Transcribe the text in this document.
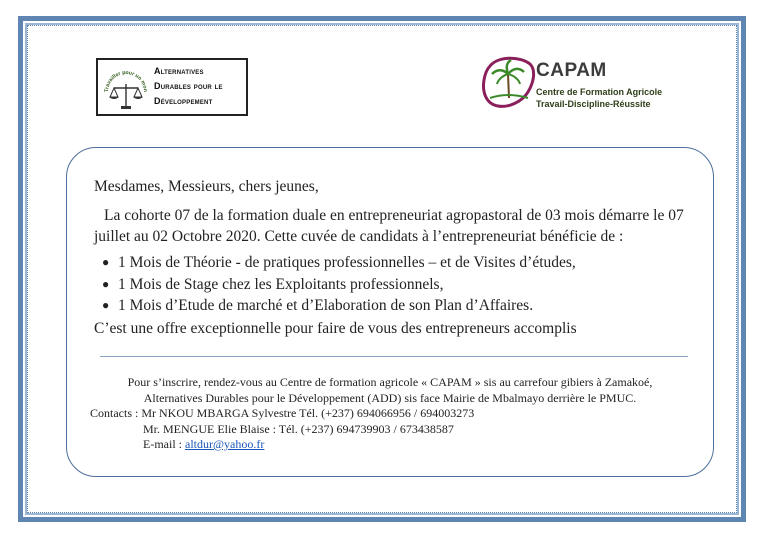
Travailler pour un mon
Alternatives
Durables pour le
Développement
CAPAM
Centre de Formation Agricole
Travail-Discipline-Réussite
Mesdames, Messieurs, chers jeunes,
La cohorte 07 de la formation duale en entrepreneuriat agropastoral de 03 mois démarre le 07 juillet au 02 Octobre 2020. Cette cuvée de candidats à l’entrepreneuriat bénéficie de :
● 1 Mois de Théorie - de pratiques professionnelles – et de Visites d’études,
● 1 Mois de Stage chez les Exploitants professionnels,
● 1 Mois d’Etude de marché et d’Elaboration de son Plan d’Affaires.
C’est une offre exceptionnelle pour faire de vous des entrepreneurs accomplis
Pour s’inscrire, rendez-vous au Centre de formation agricole « CAPAM » sis au carrefour gibiers à Zamakoé,
Alternatives Durables pour le Développement (ADD) sis face Mairie de Mbalmayo derrière le PMUC.
Contacts : Mr NKOU MBARGA Sylvestre Tél. (+237) 694066956 / 694003273
Mr. MENGUE Elie Blaise : Tél. (+237) 694739903 / 673438587
E-mail : altdur@yahoo.fr
